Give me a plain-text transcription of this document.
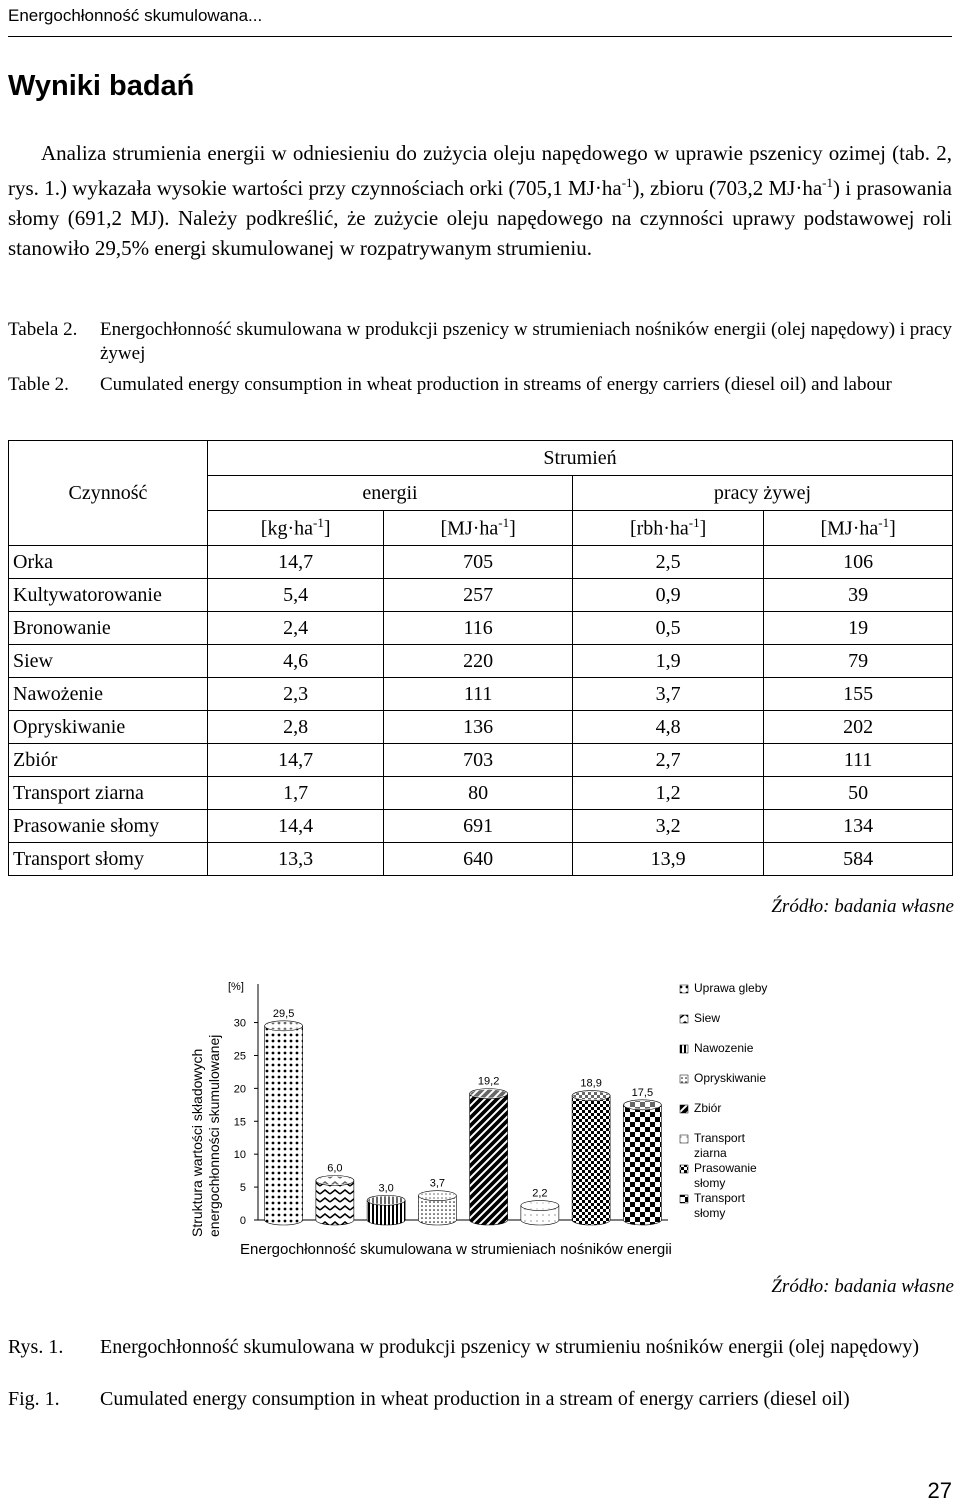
Energochłonność skumulowana...
Wyniki badań
Analiza strumienia energii w odniesieniu do zużycia oleju napędowego w uprawie pszenicy ozimej (tab. 2, rys. 1.) wykazała wysokie wartości przy czynnościach orki (705,1 $MJ\cdot ha^{-1}$), zbioru (703,2 $MJ\cdot ha^{-1}$) i prasowania słomy (691,2 MJ). Należy podkreślić, że zużycie oleju napędowego na czynności uprawy podstawowej roli stanowiło 29,5% energi skumulowanej w rozpatrywanym strumieniu.
Tabela 2. Energochłonność skumulowana w produkcji pszenicy w strumieniach nośników energii (olej napędowy) i pracy żywej
Table 2. Cumulated energy consumption in wheat production in streams of energy carriers (diesel oil) and labour
Czynność	Strumień			
	energii		pracy żywej	
	$[kg\cdot ha^{-1}]$	$[MJ\cdot ha^{-1}]$	$[rbh\cdot ha^{-1}]$	$[MJ\cdot ha^{-1}]$
Orka	14,7	705	2,5	106
Kultywatorowanie	5,4	257	0,9	39
Bronowanie	2,4	116	0,5	19
Siew	4,6	220	1,9	79
Nawożenie	2,3	111	3,7	155
Opryskiwanie	2,8	136	4,8	202
Zbiór	14,7	703	2,7	111
Transport ziarna	1,7	80	1,2	50
Prasowanie słomy	14,4	691	3,2	134
Transport słomy	13,3	640	13,9	584
Źródło: badania własne
0
5
10
15
20
25
30
29,5
6,0
3,0	3,7
19,2
2,2
18,9
17,5
Uprawa gleby
Siew
Nawozenie
Opryskiwanie
Zbiór
Transport ziarna
Prasowanie słomy
Transport słomy
[%]
Energochłonność skumulowana w strumieniach nośników energii
Struktura wartości składowych energochłonności skumulowanej
Źródło: badania własne
Rys. 1. Energochłonność skumulowana w produkcji pszenicy w strumieniu nośników energii (olej napędowy)
Fig. 1. Cumulated energy consumption in wheat production in a stream of energy carriers (diesel oil)
27
